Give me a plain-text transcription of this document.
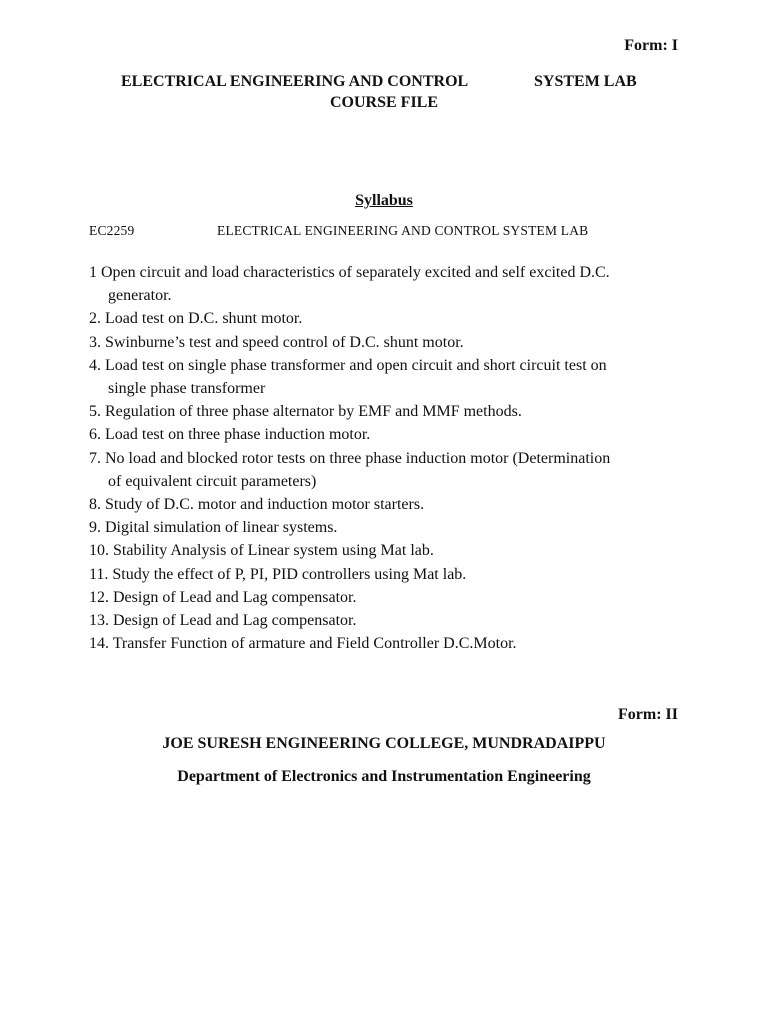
Form: I
ELECTRICAL ENGINEERING AND CONTROL	SYSTEM LAB
COURSE FILE
Syllabus
EC2259	ELECTRICAL ENGINEERING AND CONTROL SYSTEM LAB
1 Open circuit and load characteristics of separately excited and self excited D.C.
generator.
2. Load test on D.C. shunt motor.
3. Swinburne’s test and speed control of D.C. shunt motor.
4. Load test on single phase transformer and open circuit and short circuit test on
single phase transformer
5. Regulation of three phase alternator by EMF and MMF methods.
6. Load test on three phase induction motor.
7. No load and blocked rotor tests on three phase induction motor (Determination
of equivalent circuit parameters)
8. Study of D.C. motor and induction motor starters.
9. Digital simulation of linear systems.
10. Stability Analysis of Linear system using Mat lab.
11. Study the effect of P, PI, PID controllers using Mat lab.
12. Design of Lead and Lag compensator.
13. Design of Lead and Lag compensator.
14. Transfer Function of armature and Field Controller D.C.Motor.
Form: II
JOE SURESH ENGINEERING COLLEGE, MUNDRADAIPPU
Department of Electronics and Instrumentation Engineering
